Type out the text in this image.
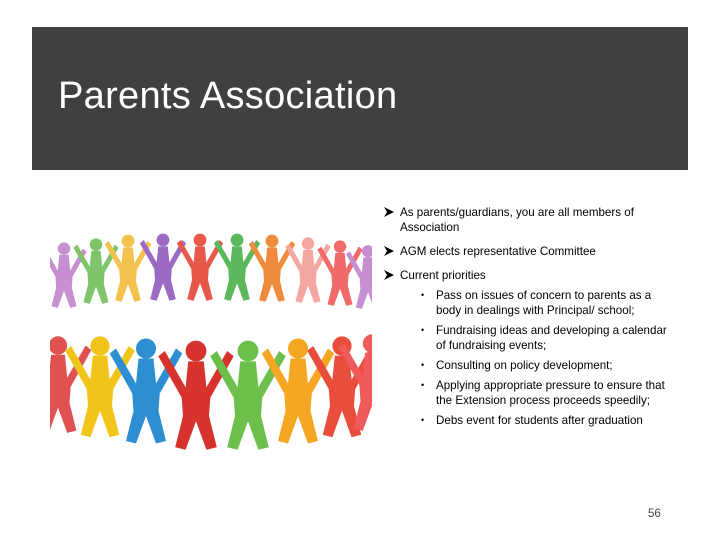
Parents Association
As parents/guardians, you are all members of Association
AGM elects representative Committee
Current priorities
• Pass on issues of concern to parents as a body in dealings with Principal/ school;
• Fundraising ideas and developing a calendar of fundraising events;
• Consulting on policy development;
• Applying appropriate pressure to ensure that the Extension process proceeds speedily;
• Debs event for students after graduation
56
